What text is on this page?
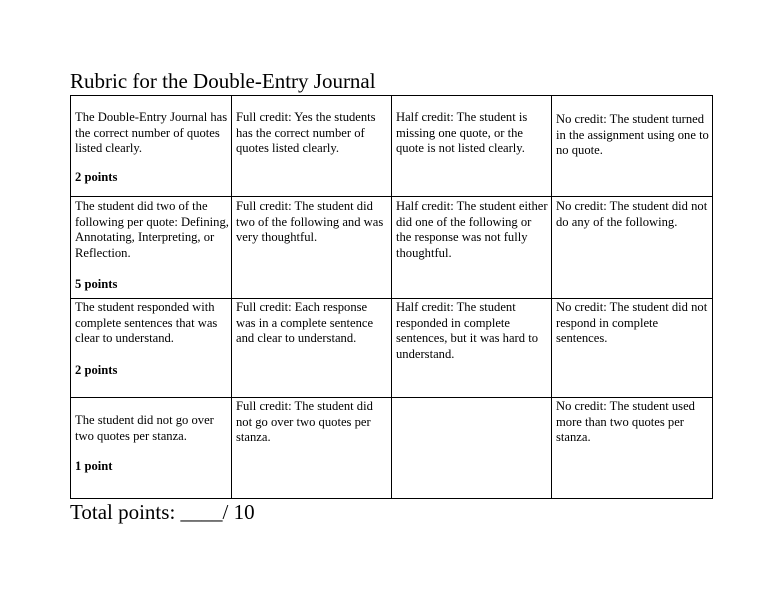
Rubric for the Double-Entry Journal
The Double-Entry Journal has the correct number of quotes listed clearly.
2 points	Full credit: Yes the students has the correct number of quotes listed clearly.	Half credit: The student is missing one quote, or the quote is not listed clearly.	No credit: The student turned in the assignment using one to no quote.

The student did two of the following per quote: Defining, Annotating, Interpreting, or Reflection.
5 points	Full credit: The student did two of the following and was very thoughtful.	Half credit: The student either did one of the following or the response was not fully thoughtful.	No credit: The student did not do any of the following.

The student responded with complete sentences that was clear to understand.
2 points	Full credit: Each response was in a complete sentence and clear to understand.	Half credit: The student responded in complete sentences, but it was hard to understand.	No credit: The student did not respond in complete sentences.

The student did not go over two quotes per stanza.
1 point	Full credit: The student did not go over two quotes per stanza.		No credit: The student used more than two quotes per stanza.
Total points: ____/ 10
